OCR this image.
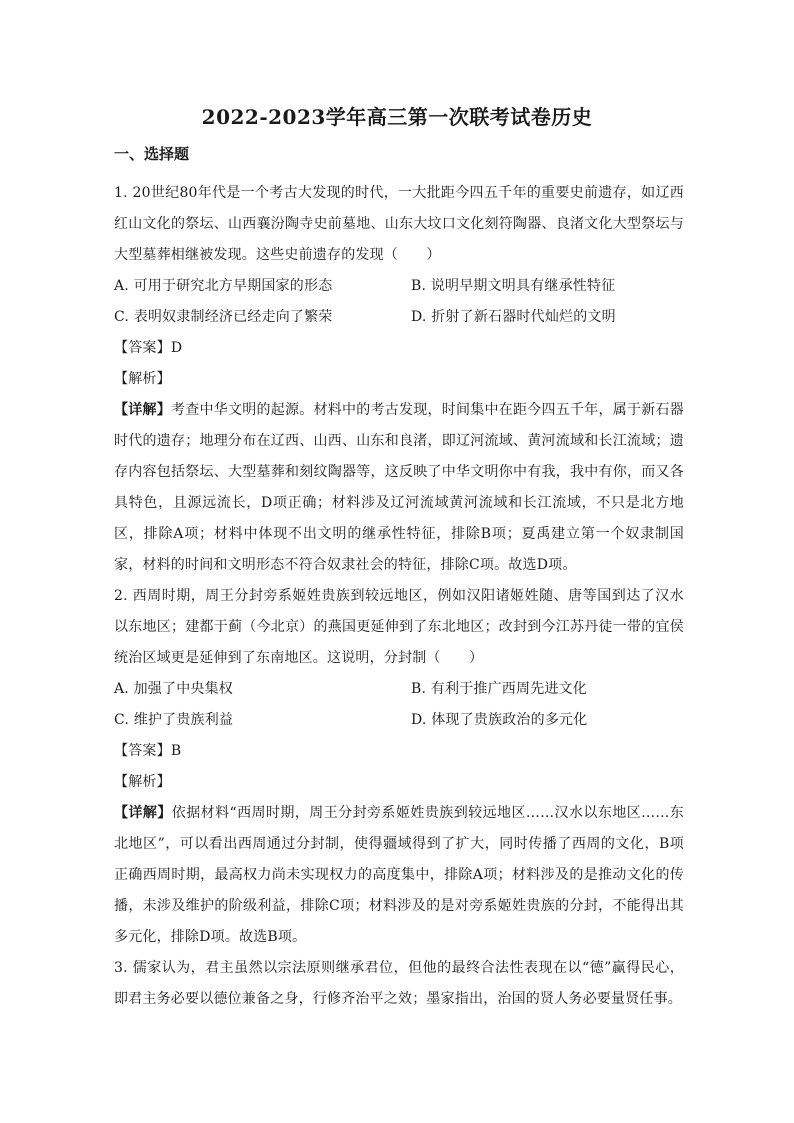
2022-2023学年高三第一次联考试卷历史
一、选择题

1. 20世纪80年代是一个考古大发现的时代，一大批距今四五千年的重要史前遗存，如辽西红山文化的祭坛、山西襄汾陶寺史前墓地、山东大坟口文化刻符陶器、良渚文化大型祭坛与大型墓葬相继被发现。这些史前遗存的发现（　　）

A. 可用于研究北方早期国家的形态	B. 说明早期文明具有继承性特征
C. 表明奴隶制经济已经走向了繁荣	D. 折射了新石器时代灿烂的文明

【答案】D

【解析】

【详解】考查中华文明的起源。材料中的考古发现，时间集中在距今四五千年，属于新石器时代的遗存；地理分布在辽西、山西、山东和良渚，即辽河流域、黄河流域和长江流域；遗存内容包括祭坛、大型墓葬和刻纹陶器等，这反映了中华文明你中有我，我中有你，而又各具特色，且源远流长，D项正确；材料涉及辽河流域黄河流域和长江流域，不只是北方地区，排除A项；材料中体现不出文明的继承性特征，排除B项；夏禹建立第一个奴隶制国家，材料的时间和文明形态不符合奴隶社会的特征，排除C项。故选D项。

2. 西周时期，周王分封旁系姬姓贵族到较远地区，例如汉阳诸姬姓随、唐等国到达了汉水以东地区；建都于蓟（今北京）的燕国更延伸到了东北地区；改封到今江苏丹徒一带的宜侯统治区域更是延伸到了东南地区。这说明，分封制（　　）

A. 加强了中央集权	B. 有利于推广西周先进文化
C. 维护了贵族利益	D. 体现了贵族政治的多元化

【答案】B

【解析】

【详解】依据材料“西周时期，周王分封旁系姬姓贵族到较远地区……汉水以东地区……东北地区”，可以看出西周通过分封制，使得疆域得到了扩大，同时传播了西周的文化，B项正确西周时期，最高权力尚未实现权力的高度集中，排除A项；材料涉及的是推动文化的传播，未涉及维护的阶级利益，排除C项；材料涉及的是对旁系姬姓贵族的分封，不能得出其多元化，排除D项。故选B项。

3. 儒家认为，君主虽然以宗法原则继承君位，但他的最终合法性表现在以“德”赢得民心，即君主务必要以德位兼备之身，行修齐治平之效；墨家指出，治国的贤人务必要量贤任事。
